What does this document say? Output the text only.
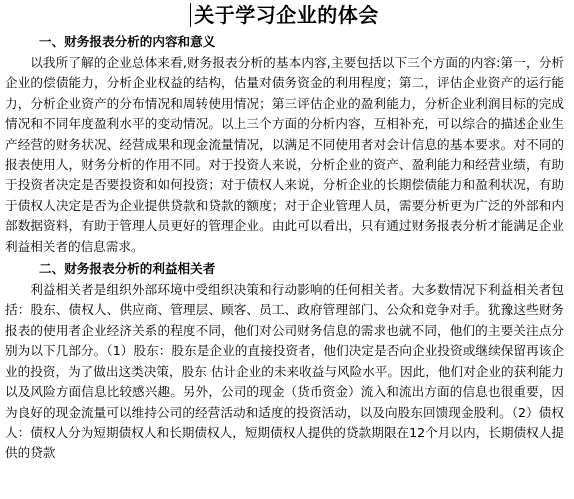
关于学习企业的体会
一、财务报表分析的内容和意义

以我所了解的企业总体来看,财务报表分析的基本内容,主要包括以下三个方面的内容:第一，分析企业的偿债能力，分析企业权益的结构，估量对债务资金的利用程度；第二，评估企业资产的运行能力，分析企业资产的分布情况和周转使用情况；第三评估企业的盈利能力，分析企业利润目标的完成情况和不同年度盈利水平的变动情况。以上三个方面的分析内容，互相补充，可以综合的描述企业生产经营的财务状况、经营成果和现金流量情况，以满足不同使用者对会计信息的基本要求。对不同的报表使用人，财务分析的作用不同。对于投资人来说，分析企业的资产、盈利能力和经营业绩，有助于投资者决定是否要投资和如何投资；对于债权人来说，分析企业的长期偿债能力和盈利状况，有助于债权人决定是否为企业提供贷款和贷款的额度；对于企业管理人员，需要分析更为广泛的外部和内部数据资料，有助于管理人员更好的管理企业。由此可以看出，只有通过财务报表分析才能满足企业利益相关者的信息需求。

二、财务报表分析的利益相关者

利益相关者是组织外部环境中受组织决策和行动影响的任何相关者。大多数情况下利益相关者包括：股东、债权人、供应商、管理层、顾客、员工、政府管理部门、公众和竞争对手。犹豫这些财务报表的使用者企业经济关系的程度不同，他们对公司财务信息的需求也就不同，他们的主要关注点分别为以下几部分。（1）股东：股东是企业的直接投资者，他们决定是否向企业投资或继续保留再该企业的投资，为了做出这类决策，股东 估计企业的未来收益与风险水平。因此，他们对企业的获利能力以及风险方面信息比较感兴趣。另外，公司的现金（货币资金）流入和流出方面的信息也很重要，因为良好的现金流量可以维持公司的经营活动和适度的投资活动，以及向股东回馈现金股利。（2）债权人：债权人分为短期债权人和长期债权人，短期债权人提供的贷款期限在12个月以内，长期债权人提供的贷款
